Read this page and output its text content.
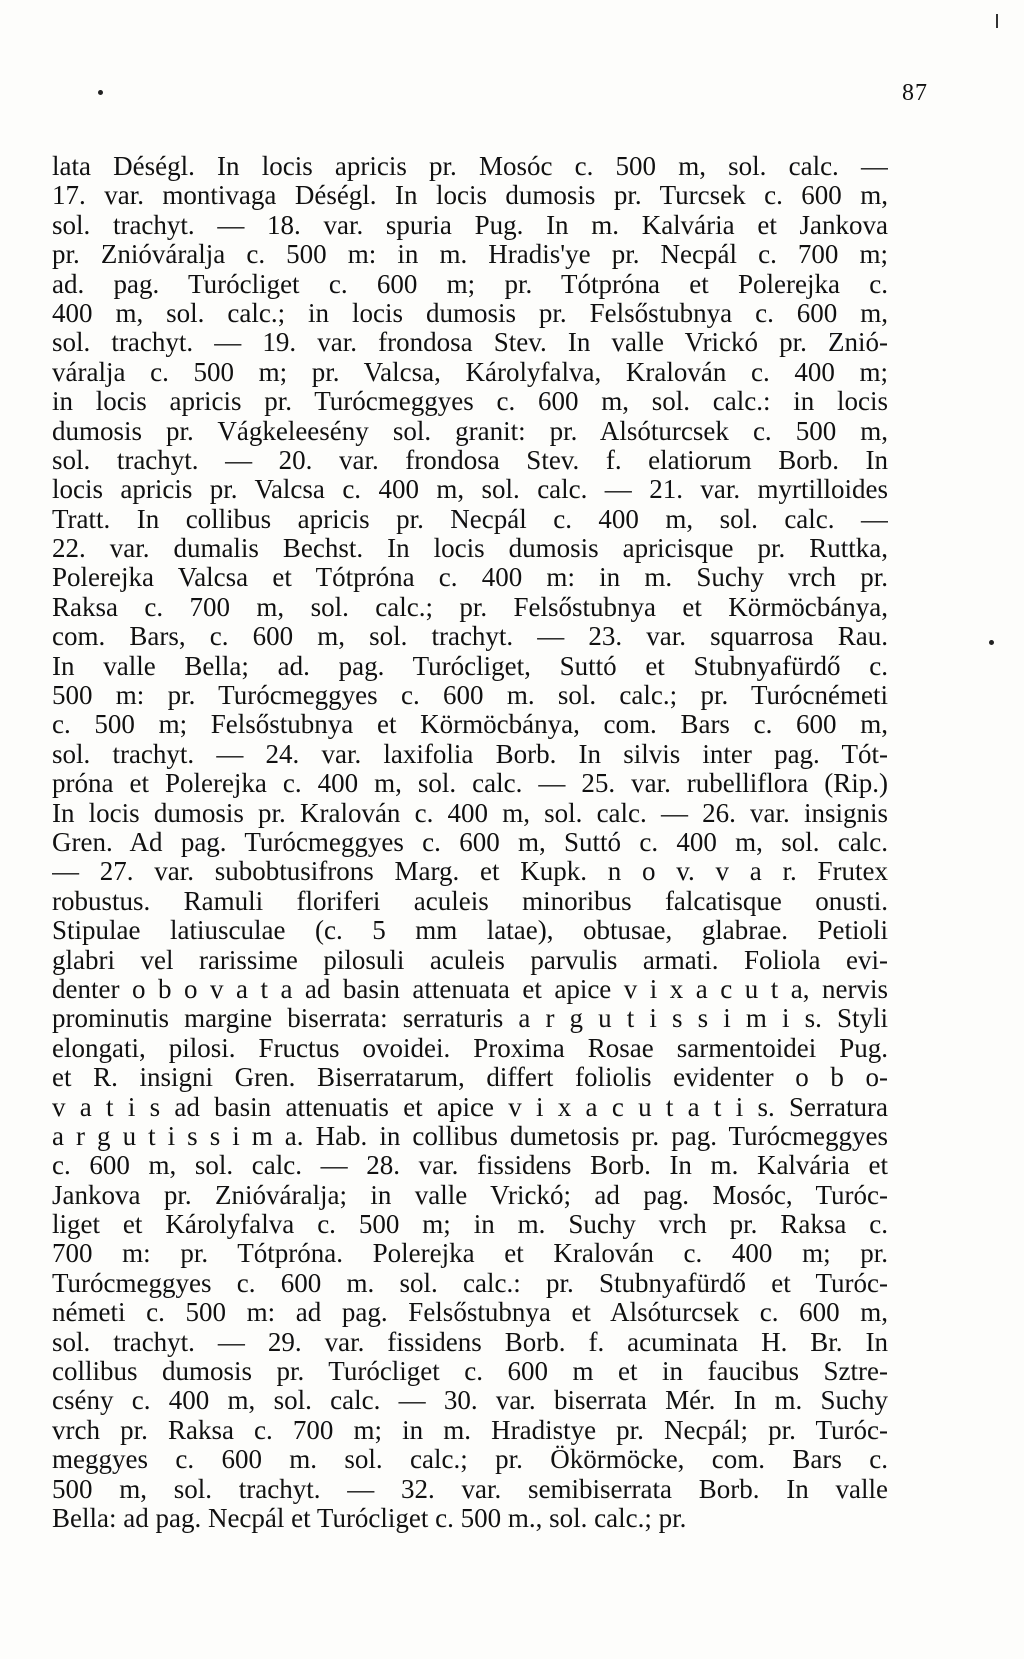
87
lata Déségl. In locis apricis pr. Mosóc c. 500 m, sol. calc. —
17. var. montivaga Déségl. In locis dumosis pr. Turcsek c. 600 m,
sol. trachyt. — 18. var. spuria Pug. In m. Kalvária et Jankova
pr. Znióváralja c. 500 m: in m. Hradis'ye pr. Necpál c. 700 m;
ad. pag. Turócliget c. 600 m; pr. Tótpróna et Polerejka c.
400 m, sol. calc.; in locis dumosis pr. Felsőstubnya c. 600 m,
sol. trachyt. — 19. var. frondosa Stev. In valle Vrickó pr. Znió-
váralja c. 500 m; pr. Valcsa, Károlyfalva, Kralován c. 400 m;
in locis apricis pr. Turócmeggyes c. 600 m, sol. calc.: in locis
dumosis pr. Vágkeleesény sol. granit: pr. Alsóturcsek c. 500 m,
sol. trachyt. — 20. var. frondosa Stev. f. elatiorum Borb. In
locis apricis pr. Valcsa c. 400 m, sol. calc. — 21. var. myrtilloides
Tratt. In collibus apricis pr. Necpál c. 400 m, sol. calc. —
22. var. dumalis Bechst. In locis dumosis apricisque pr. Ruttka,
Polerejka Valcsa et Tótpróna c. 400 m: in m. Suchy vrch pr.
Raksa c. 700 m, sol. calc.; pr. Felsőstubnya et Körmöcbánya,
com. Bars, c. 600 m, sol. trachyt. — 23. var. squarrosa Rau.
In valle Bella; ad. pag. Turócliget, Suttó et Stubnyafürdő c.
500 m: pr. Turócmeggyes c. 600 m. sol. calc.; pr. Turócnémeti
c. 500 m; Felsőstubnya et Körmöcbánya, com. Bars c. 600 m,
sol. trachyt. — 24. var. laxifolia Borb. In silvis inter pag. Tót-
próna et Polerejka c. 400 m, sol. calc. — 25. var. rubelliflora (Rip.)
In locis dumosis pr. Kralován c. 400 m, sol. calc. — 26. var. insignis
Gren. Ad pag. Turócmeggyes c. 600 m, Suttó c. 400 m, sol. calc.
— 27. var. subobtusifrons Marg. et Kupk. n o v. v a r. Frutex
robustus. Ramuli floriferi aculeis minoribus falcatisque onusti.
Stipulae latiusculae (c. 5 mm latae), obtusae, glabrae. Petioli
glabri vel rarissime pilosuli aculeis parvulis armati. Foliola evi-
denter o b o v a t a ad basin attenuata et apice v i x a c u t a, nervis
prominutis margine biserrata: serraturis a r g u t i s s i m i s. Styli
elongati, pilosi. Fructus ovoidei. Proxima Rosae sarmentoidei Pug.
et R. insigni Gren. Biserratarum, differt foliolis evidenter o b o-
v a t i s ad basin attenuatis et apice v i x a c u t a t i s. Serratura
a r g u t i s s i m a. Hab. in collibus dumetosis pr. pag. Turócmeggyes
c. 600 m, sol. calc. — 28. var. fissidens Borb. In m. Kalvária et
Jankova pr. Znióváralja; in valle Vrickó; ad pag. Mosóc, Turóc-
liget et Károlyfalva c. 500 m; in m. Suchy vrch pr. Raksa c.
700 m: pr. Tótpróna. Polerejka et Kralován c. 400 m; pr.
Turócmeggyes c. 600 m. sol. calc.: pr. Stubnyafürdő et Turóc-
németi c. 500 m: ad pag. Felsőstubnya et Alsóturcsek c. 600 m,
sol. trachyt. — 29. var. fissidens Borb. f. acuminata H. Br. In
collibus dumosis pr. Turócliget c. 600 m et in faucibus Sztre-
csény c. 400 m, sol. calc. — 30. var. biserrata Mér. In m. Suchy
vrch pr. Raksa c. 700 m; in m. Hradistye pr. Necpál; pr. Turóc-
meggyes c. 600 m. sol. calc.; pr. Ökörmöcke, com. Bars c.
500 m, sol. trachyt. — 32. var. semibiserrata Borb. In valle
Bella: ad pag. Necpál et Turócliget c. 500 m., sol. calc.; pr.
